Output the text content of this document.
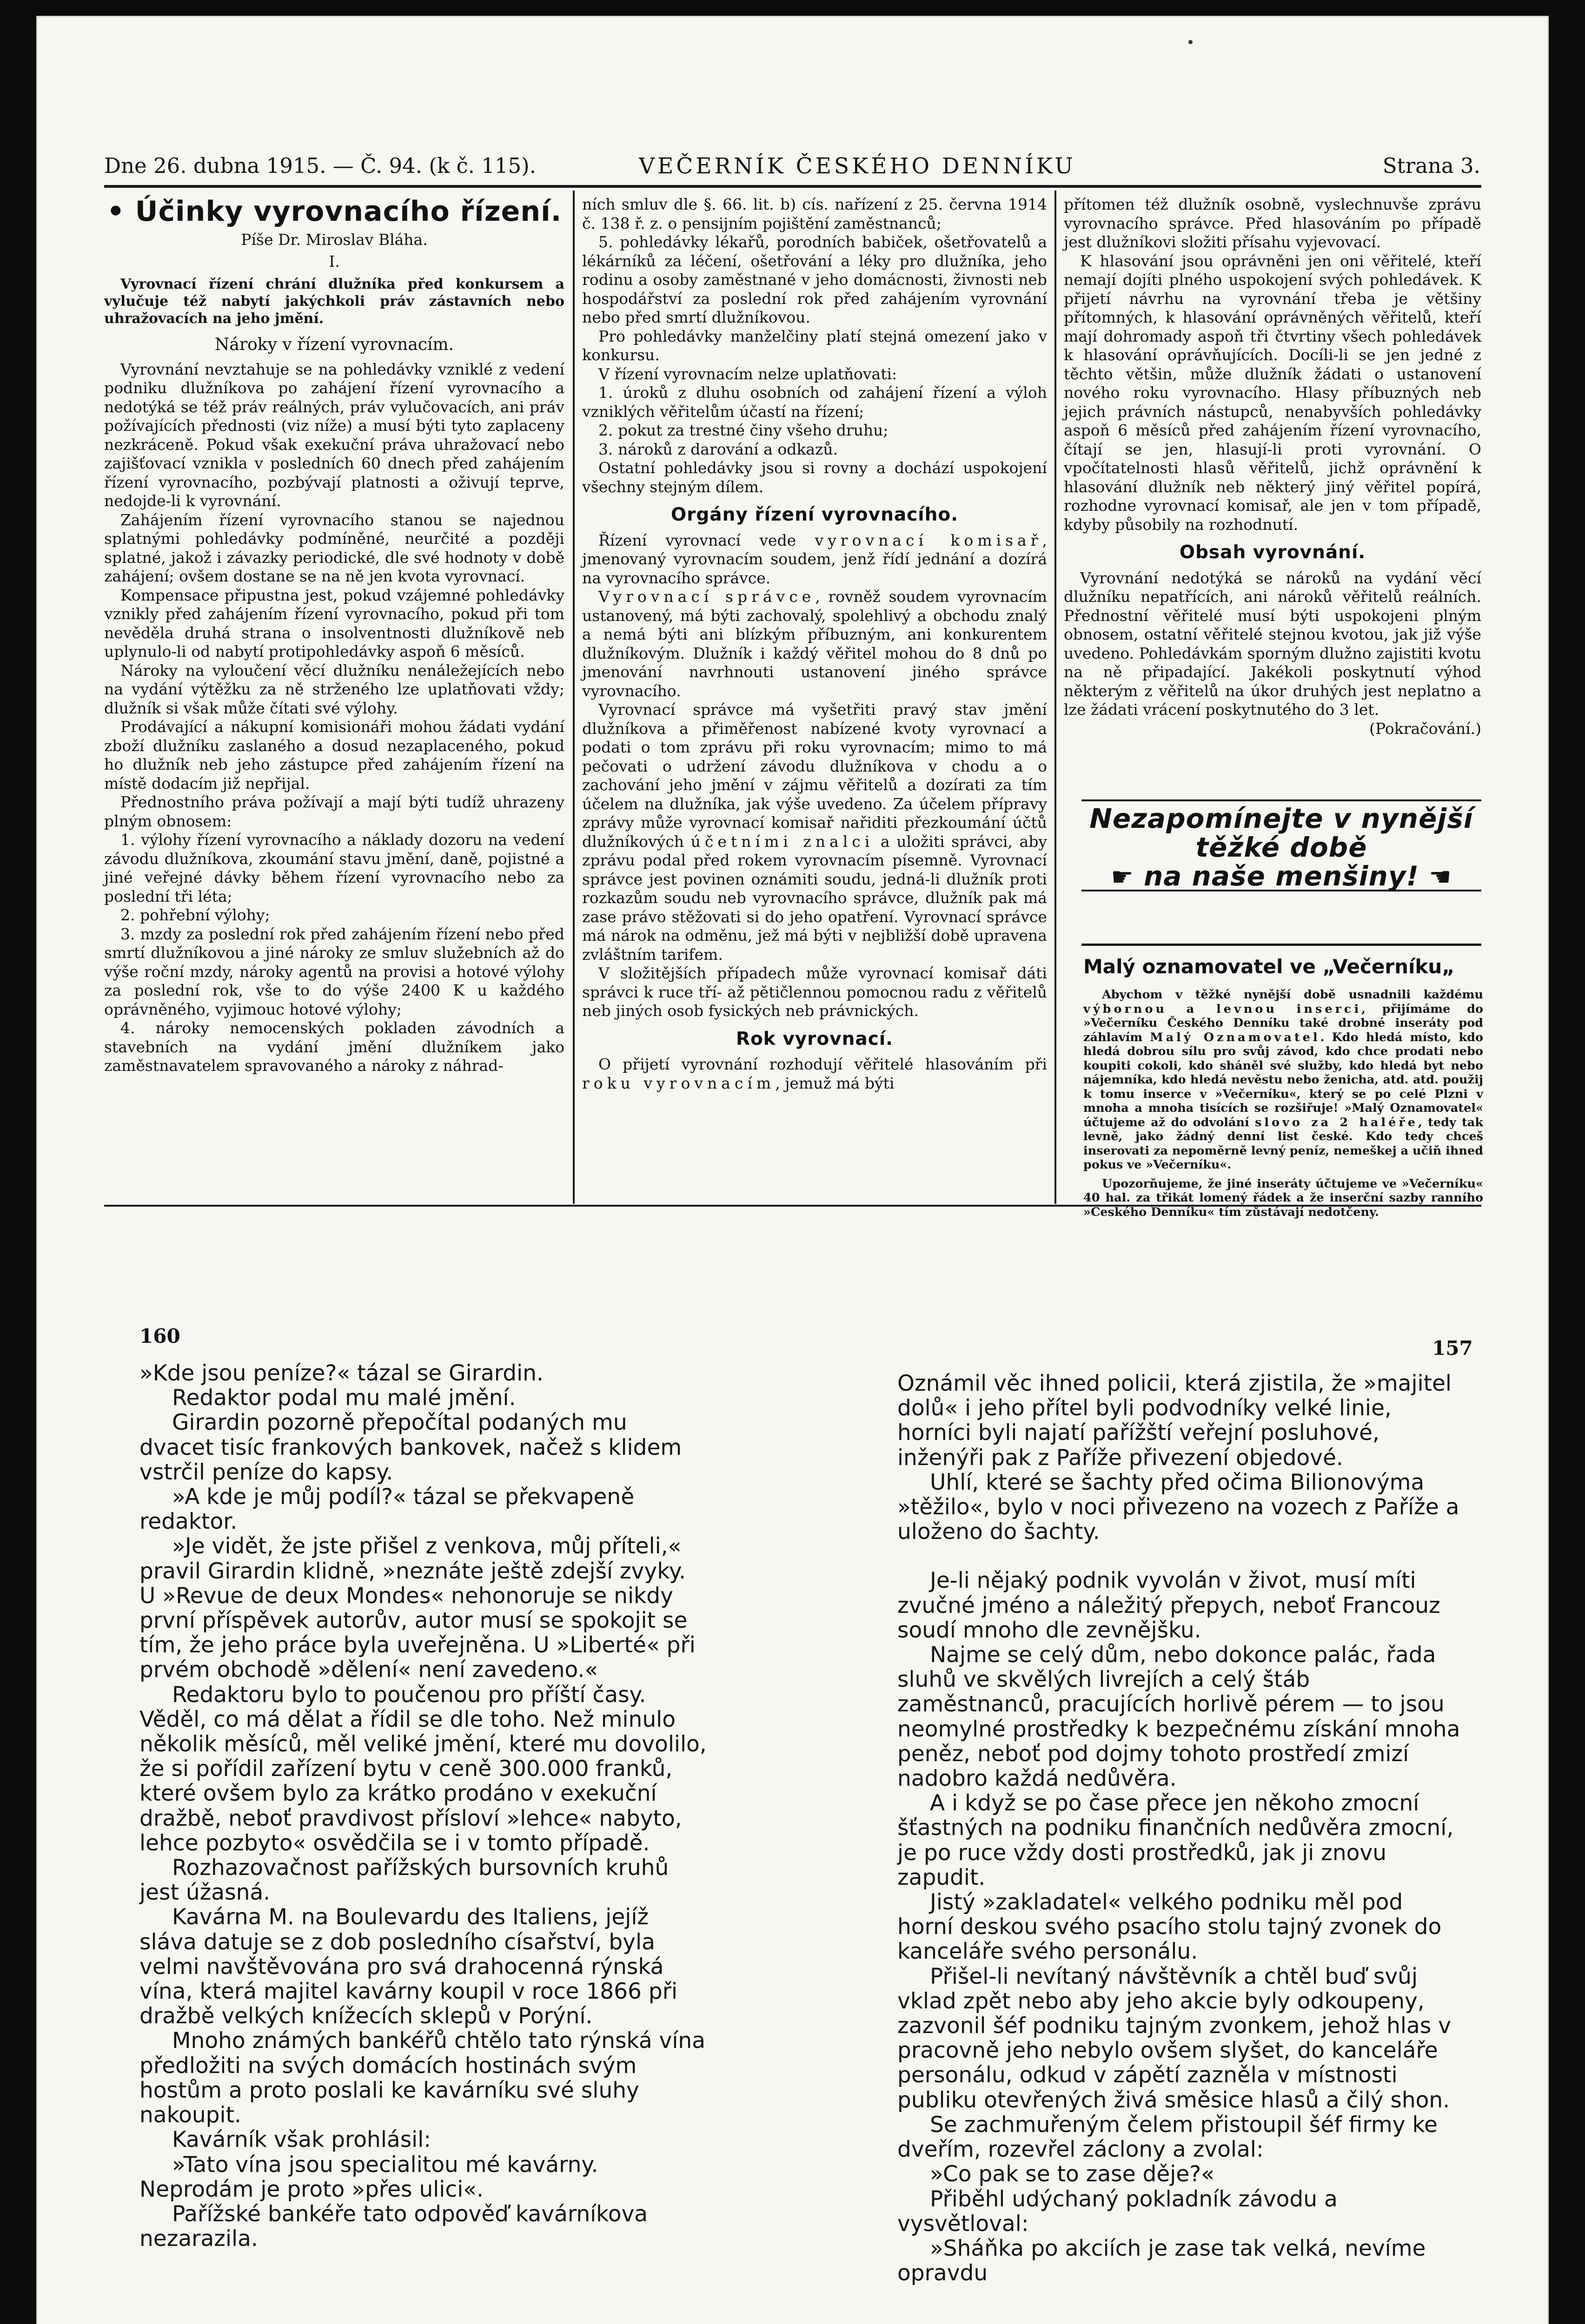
Dne 26. dubna 1915. — Č. 94. (k č. 115).	VEČERNÍK ČESKÉHO DENNÍKU	Strana 3.
• Účinky vyrovnacího řízení.
Píše Dr. Miroslav Bláha.
I.

Vyrovnací řízení chrání dlužníka před konkursem a vylučuje též nabytí jakýchkoli práv zástavních nebo uhražovacích na jeho jmění.

Nároky v řízení vyrovnacím.

Vyrovnání nevztahuje se na pohledávky vzniklé z vedení podniku dlužníkova po zahájení řízení vyrovnacího a nedotýká se též práv reálných, práv vylučovacích, ani práv požívajících přednosti (viz níže) a musí býti tyto zaplaceny nezkráceně. Pokud však exekuční práva uhražovací nebo zajišťovací vznikla v posledních 60 dnech před zahájením řízení vyrovnacího, pozbývají platnosti a oživují teprve, nedojde-li k vyrovnání.

Zahájením řízení vyrovnacího stanou se najednou splatnými pohledávky podmíněné, neurčité a později splatné, jakož i závazky periodické, dle své hodnoty v době zahájení; ovšem dostane se na ně jen kvota vyrovnací.

Kompensace připustna jest, pokud vzájemné pohledávky vznikly před zahájením řízení vyrovnacího, pokud při tom nevěděla druhá strana o insolventnosti dlužníkově neb uplynulo-li od nabytí protipohledávky aspoň 6 měsíců.

Nároky na vyloučení věcí dlužníku nenáležejících nebo na vydání výtěžku za ně strženého lze uplatňovati vždy; dlužník si však může čítati své výlohy.

Prodávající a nákupní komisionáři mohou žádati vydání zboží dlužníku zaslaného a dosud nezaplaceného, pokud ho dlužník neb jeho zástupce před zahájením řízení na místě dodacím již nepřijal.

Přednostního práva požívají a mají býti tudíž uhrazeny plným obnosem:

1. výlohy řízení vyrovnacího a náklady dozoru na vedení závodu dlužníkova, zkoumání stavu jmění, daně, pojistné a jiné veřejné dávky během řízení vyrovnacího nebo za poslední tři léta;

2. pohřební výlohy;

3. mzdy za poslední rok před zahájením řízení nebo před smrtí dlužníkovou a jiné nároky ze smluv služebních až do výše roční mzdy, nároky agentů na provisi a hotové výlohy za poslední rok, vše to do výše 2400 K u každého oprávněného, vyjimouc hotové výlohy;

4. nároky nemocenských pokladen závodních a stavebních na vydání jmění dlužníkem jako zaměstnavatelem spravovaného a nároky z náhrad-

ních smluv dle §. 66. lit. b) cís. nařízení z 25. června 1914 č. 138 ř. z. o pensijním pojištění zaměstnanců;

5. pohledávky lékařů, porodních babiček, ošetřovatelů a lékárníků za léčení, ošetřování a léky pro dlužníka, jeho rodinu a osoby zaměstnané v jeho domácnosti, živnosti neb hospodářství za poslední rok před zahájením vyrovnání nebo před smrtí dlužníkovou.

Pro pohledávky manželčiny platí stejná omezení jako v konkursu.

V řízení vyrovnacím nelze uplatňovati:

1. úroků z dluhu osobních od zahájení řízení a výloh vzniklých věřitelům účastí na řízení;

2. pokut za trestné činy všeho druhu;

3. nároků z darování a odkazů.

Ostatní pohledávky jsou si rovny a dochází uspokojení všechny stejným dílem.

Orgány řízení vyrovnacího.

Řízení vyrovnací vede vyrovnací komisař, jmenovaný vyrovnacím soudem, jenž řídí jednání a dozírá na vyrovnacího správce.

Vyrovnací správce, rovněž soudem vyrovnacím ustanovený, má býti zachovalý, spolehlivý a obchodu znalý a nemá býti ani blízkým příbuzným, ani konkurentem dlužníkovým. Dlužník i každý věřitel mohou do 8 dnů po jmenování navrhnouti ustanovení jiného správce vyrovnacího.

Vyrovnací správce má vyšetřiti pravý stav jmění dlužníkova a přiměřenost nabízené kvoty vyrovnací a podati o tom zprávu při roku vyrovnacím; mimo to má pečovati o udržení závodu dlužníkova v chodu a o zachování jeho jmění v zájmu věřitelů a dozírati za tím účelem na dlužníka, jak výše uvedeno. Za účelem přípravy zprávy může vyrovnací komisař nařiditi přezkoumání účtů dlužníkových účetními znalci a uložiti správci, aby zprávu podal před rokem vyrovnacím písemně. Vyrovnací správce jest povinen oznámiti soudu, jedná-li dlužník proti rozkazům soudu neb vyrovnacího správce, dlužník pak má zase právo stěžovati si do jeho opatření. Vyrovnací správce má nárok na odměnu, jež má býti v nejbližší době upravena zvláštním tarifem.

V složitějších případech může vyrovnací komisař dáti správci k ruce tří- až pětičlennou pomocnou radu z věřitelů neb jiných osob fysických neb právnických.

Rok vyrovnací.

O přijetí vyrovnání rozhodují věřitelé hlasováním při roku vyrovnacím, jemuž má býti

přítomen též dlužník osobně, vyslechnuvše zprávu vyrovnacího správce. Před hlasováním po případě jest dlužníkovi složiti přísahu vyjevovací.

K hlasování jsou oprávněni jen oni věřitelé, kteří nemají dojíti plného uspokojení svých pohledávek. K přijetí návrhu na vyrovnání třeba je většiny přítomných, k hlasování oprávněných věřitelů, kteří mají dohromady aspoň tři čtvrtiny všech pohledávek k hlasování oprávňujících. Docíli-li se jen jedné z těchto většin, může dlužník žádati o ustanovení nového roku vyrovnacího. Hlasy příbuzných neb jejich právních nástupců, nenabyvších pohledávky aspoň 6 měsíců před zahájením řízení vyrovnacího, čítají se jen, hlasují-li proti vyrovnání. O vpočítatelnosti hlasů věřitelů, jichž oprávnění k hlasování dlužník neb některý jiný věřitel popírá, rozhodne vyrovnací komisař, ale jen v tom případě, kdyby působily na rozhodnutí.

Obsah vyrovnání.

Vyrovnání nedotýká se nároků na vydání věcí dlužníku nepatřících, ani nároků věřitelů reálních. Přednostní věřitelé musí býti uspokojeni plným obnosem, ostatní věřitelé stejnou kvotou, jak již výše uvedeno. Pohledávkám sporným dlužno zajistiti kvotu na ně připadající. Jakékoli poskytnutí výhod některým z věřitelů na úkor druhých jest neplatno a lze žádati vrácení poskytnutého do 3 let.

(Pokračování.)
Nezapomínejte v nynější
těžké době
☛ na naše menšiny! ☚
Malý oznamovatel ve „Večerníku„

Abychom v těžké nynější době usnadnili každému výbornou a levnou inserci, přijímáme do »Večerníku Českého Denníku také drobné inseráty pod záhlavím Malý Oznamovatel. Kdo hledá místo, kdo hledá dobrou sílu pro svůj závod, kdo chce prodati nebo koupiti cokoli, kdo sháněl své služby, kdo hledá byt nebo nájemníka, kdo hledá nevěstu nebo ženicha, atd. atd. použij k tomu inserce v »Večerníku«, který se po celé Plzni v mnoha a mnoha tisících se rozšiřuje! »Malý Oznamovatel« účtujeme až do odvolání slovo za 2 haléře, tedy tak levně, jako žádný denní list české. Kdo tedy chceš inserovati za nepoměrně levný peníz, nemeškej a učiň ihned pokus ve »Večerníku«.

Upozorňujeme, že jiné inseráty účtujeme ve »Večerníku« 40 hal. za třikát lomený řádek a že inserční sazby ranního »Českého Denníku« tím zůstávají nedotčeny.

160
157

»Kde jsou peníze?« tázal se Girardin.

Redaktor podal mu malé jmění.

Girardin pozorně přepočítal podaných mu dvacet tisíc frankových bankovek, načež s klidem vstrčil peníze do kapsy.

»A kde je můj podíl?« tázal se překvapeně redaktor.

»Je vidět, že jste přišel z venkova, můj příteli,« pravil Girardin klidně, »neznáte ještě zdejší zvyky. U »Revue de deux Mondes« nehonoruje se nikdy první příspěvek autorův, autor musí se spokojit se tím, že jeho práce byla uveřejněna. U »Liberté« při prvém obchodě »dělení« není zavedeno.«

Redaktoru bylo to poučenou pro příští časy. Věděl, co má dělat a řídil se dle toho. Než minulo několik měsíců, měl veliké jmění, které mu dovolilo, že si pořídil zařízení bytu v ceně 300.000 franků, které ovšem bylo za krátko prodáno v exekuční dražbě, neboť pravdivost přísloví »lehce« nabyto, lehce pozbyto« osvědčila se i v tomto případě.

Rozhazovačnost pařížských bursovních kruhů jest úžasná.

Kavárna M. na Boulevardu des Italiens, jejíž sláva datuje se z dob posledního císařství, byla velmi navštěvována pro svá drahocenná rýnská vína, která majitel kavárny koupil v roce 1866 při dražbě velkých knížecích sklepů v Porýní.

Mnoho známých bankéřů chtělo tato rýnská vína předložiti na svých domácích hostinách svým hostům a proto poslali ke kavárníku své sluhy nakoupit.

Kavárník však prohlásil:

»Tato vína jsou specialitou mé kavárny. Neprodám je proto »přes ulici«.

Pařížské bankéře tato odpověď kavárníkova nezarazila.

Oznámil věc ihned policii, která zjistila, že »majitel dolů« i jeho přítel byli podvodníky velké linie, horníci byli najatí pařížští veřejní posluhové, inženýři pak z Paříže přivezení objedové.

Uhlí, které se šachty před očima Bilionovýma »těžilo«, bylo v noci přivezeno na vozech z Paříže a uloženo do šachty.

Je-li nějaký podnik vyvolán v život, musí míti zvučné jméno a náležitý přepych, neboť Francouz soudí mnoho dle zevnějšku.

Najme se celý dům, nebo dokonce palác, řada sluhů ve skvělých livrejích a celý štáb zaměstnanců, pracujících horlivě pérem — to jsou neomylné prostředky k bezpečnému získání mnoha peněz, neboť pod dojmy tohoto prostředí zmizí nadobro každá nedůvěra.

A i když se po čase přece jen někoho zmocní šťastných na podniku finančních nedůvěra zmocní, je po ruce vždy dosti prostředků, jak ji znovu zapudit.

Jistý »zakladatel« velkého podniku měl pod horní deskou svého psacího stolu tajný zvonek do kanceláře svého personálu.

Přišel-li nevítaný návštěvník a chtěl buď svůj vklad zpět nebo aby jeho akcie byly odkoupeny, zazvonil šéf podniku tajným zvonkem, jehož hlas v pracovně jeho nebylo ovšem slyšet, do kanceláře personálu, odkud v zápětí zazněla v místnosti publiku otevřených živá směsice hlasů a čilý shon.

Se zachmuřeným čelem přistoupil šéf firmy ke dveřím, rozevřel záclony a zvolal:

»Co pak se to zase děje?«

Přiběhl udýchaný pokladník závodu a vysvětloval:

»Sháňka po akciích je zase tak velká, nevíme opravdu
